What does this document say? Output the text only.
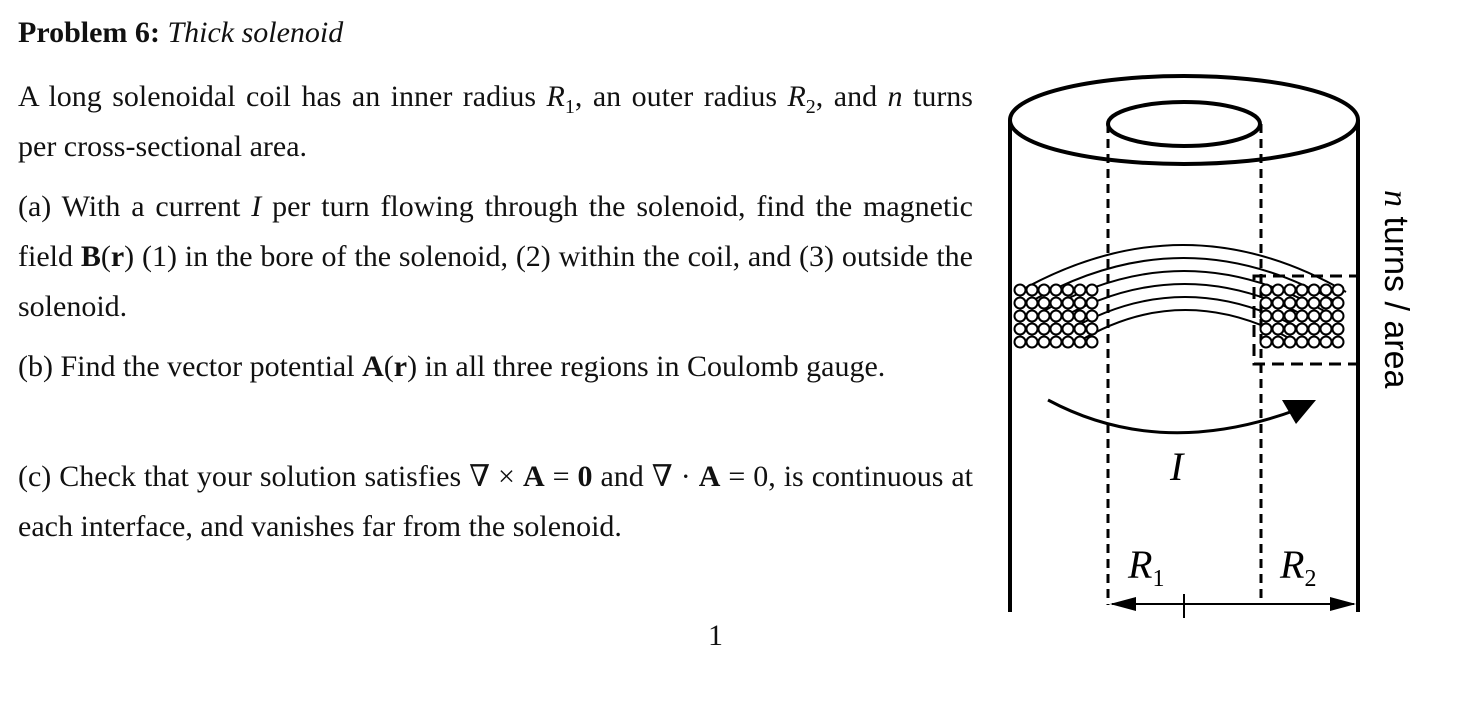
Problem 6: Thick solenoid
A long solenoidal coil has an inner radius $R_1$, an outer radius $R_2$, and n turns per cross-sectional area.
(a) With a current I per turn flowing through the solenoid, find the magnetic field B(r) (1) in the bore of the solenoid, (2) within the coil, and (3) outside the solenoid.
(b) Find the vector potential A(r) in all three regions in Coulomb gauge.
(c) Check that your solution satisfies ∇ × A = 0 and ∇ · A = 0, is continuous at each interface, and vanishes far from the solenoid.
1
I
$R_1$	$R_2$
n turns / area
